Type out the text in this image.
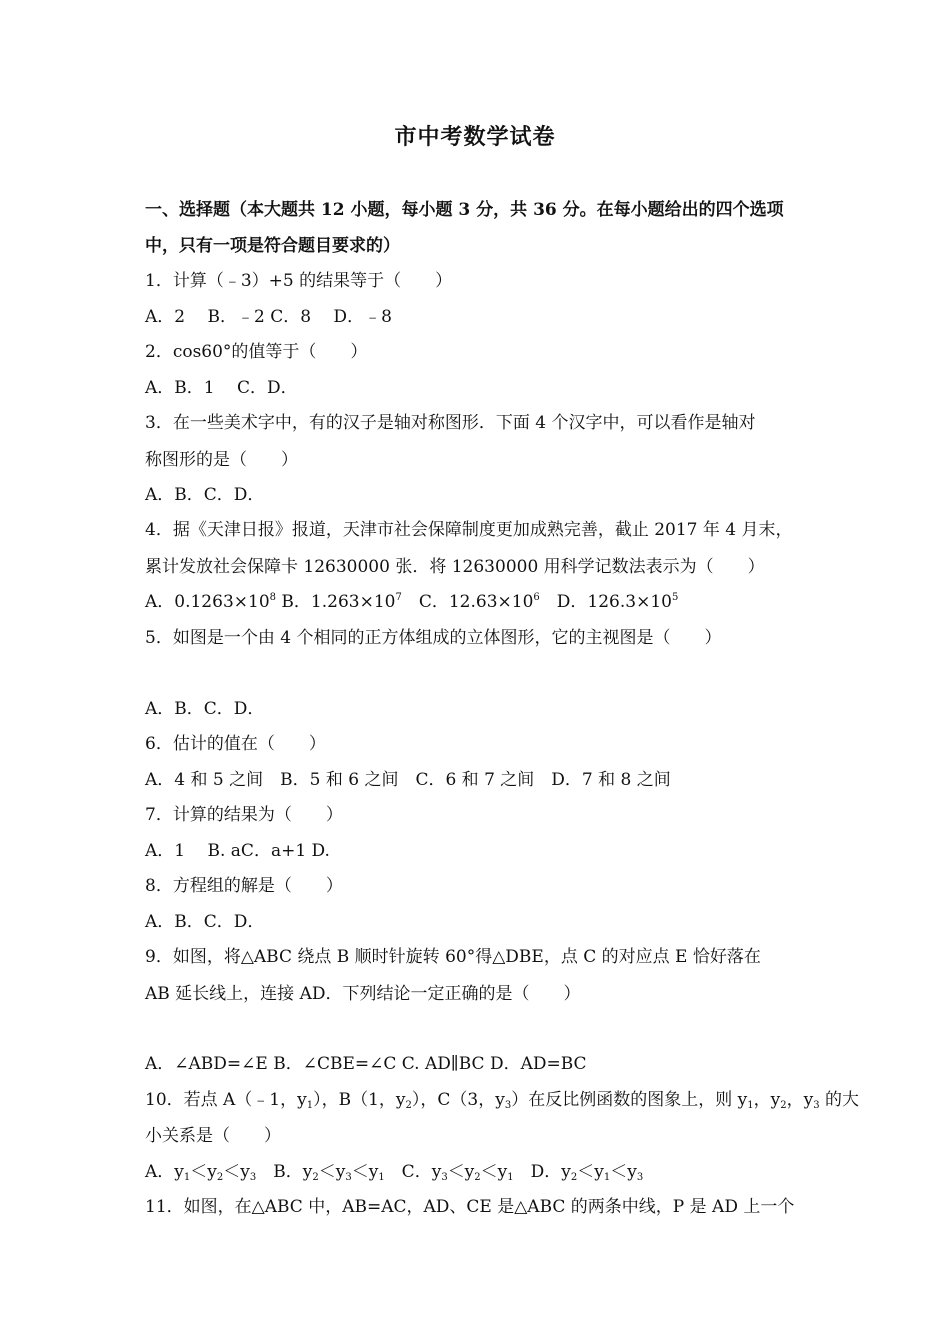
市中考数学试卷
一、选择题（本大题共 12 小题，每小题 3 分，共 36 分。在每小题给出的四个选项
中，只有一项是符合题目要求的）
1．计算（﹣3）+5 的结果等于（　　）
A．2　 B．﹣2 C．8　 D．﹣8
2．cos60°的值等于（　　）
A．B．1　 C．D．
3．在一些美术字中，有的汉子是轴对称图形．下面 4 个汉字中，可以看作是轴对
称图形的是（　　）
A．B．C．D．
4．据《天津日报》报道，天津市社会保障制度更加成熟完善，截止 2017 年 4 月末，
累计发放社会保障卡 12630000 张．将 12630000 用科学记数法表示为（　　）
A．$0.1263\times 10^8$ B．$1.263\times 10^7$　C．$12.63\times 10^6$　D．$126.3\times 10^5$
5．如图是一个由 4 个相同的正方体组成的立体图形，它的主视图是（　　）
A．B．C．D．
6．估计的值在（　　）
A．4 和 5 之间　B．5 和 6 之间　C．6 和 7 之间　D．7 和 8 之间
7．计算的结果为（　　）
A．1　 B. aC．a+1 D.
8．方程组的解是（　　）
A．B．C．D．
9．如图，将△ABC 绕点 B 顺时针旋转 60°得△DBE，点 C 的对应点 E 恰好落在
AB 延长线上，连接 AD．下列结论一定正确的是（　　）
A．∠ABD=∠E B．∠CBE=∠C C. AD∥BC D．AD=BC
10．若点 A（﹣1，$y_1$），B（1，$y_2$），C（3，$y_3$）在反比例函数的图象上，则 $y_1$，$y_2$，$y_3$ 的大
小关系是（　　）
A．$y_1<y_2<y_3$　B．$y_2<y_3<y_1$　C．$y_3<y_2<y_1$　D．$y_2<y_1<y_3$
11．如图，在△ABC 中，AB=AC，AD、CE 是△ABC 的两条中线，P 是 AD 上一个
